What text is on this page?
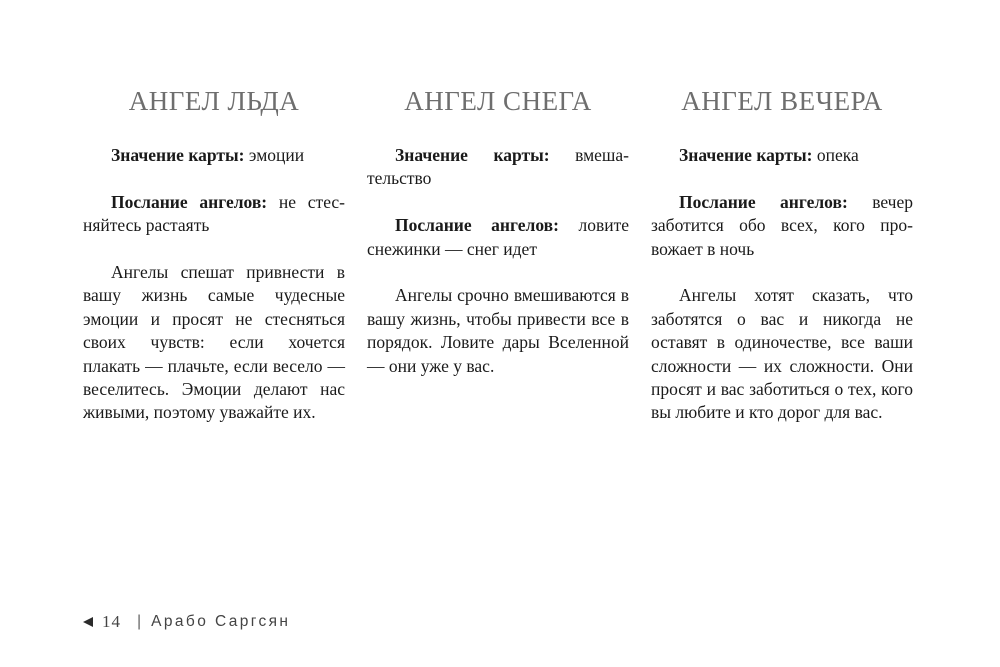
АНГЕЛ ЛЬДА

Значение карты: эмоции

Послание ангелов: не стесняйтесь растаять

Ангелы спешат привнести в вашу жизнь самые чудесные эмоции и просят не стесняться своих чувств: если хочется плакать — плачьте, если весело — веселитесь. Эмоции делают нас живыми, поэтому уважайте их.

АНГЕЛ СНЕГА

Значение карты: вмешательство

Послание ангелов: ловите снежинки — снег идет

Ангелы срочно вмешиваются в вашу жизнь, чтобы привести все в порядок. Ловите дары Вселенной — они уже у вас.

АНГЕЛ ВЕЧЕРА

Значение карты: опека

Послание ангелов: вечер заботится обо всех, кого провожает в ночь

Ангелы хотят сказать, что заботятся о вас и никогда не оставят в одиночестве, все ваши сложности — их сложности. Они просят и вас заботиться о тех, кого вы любите и кто дорог для вас.

14 | Арабо Саргсян
